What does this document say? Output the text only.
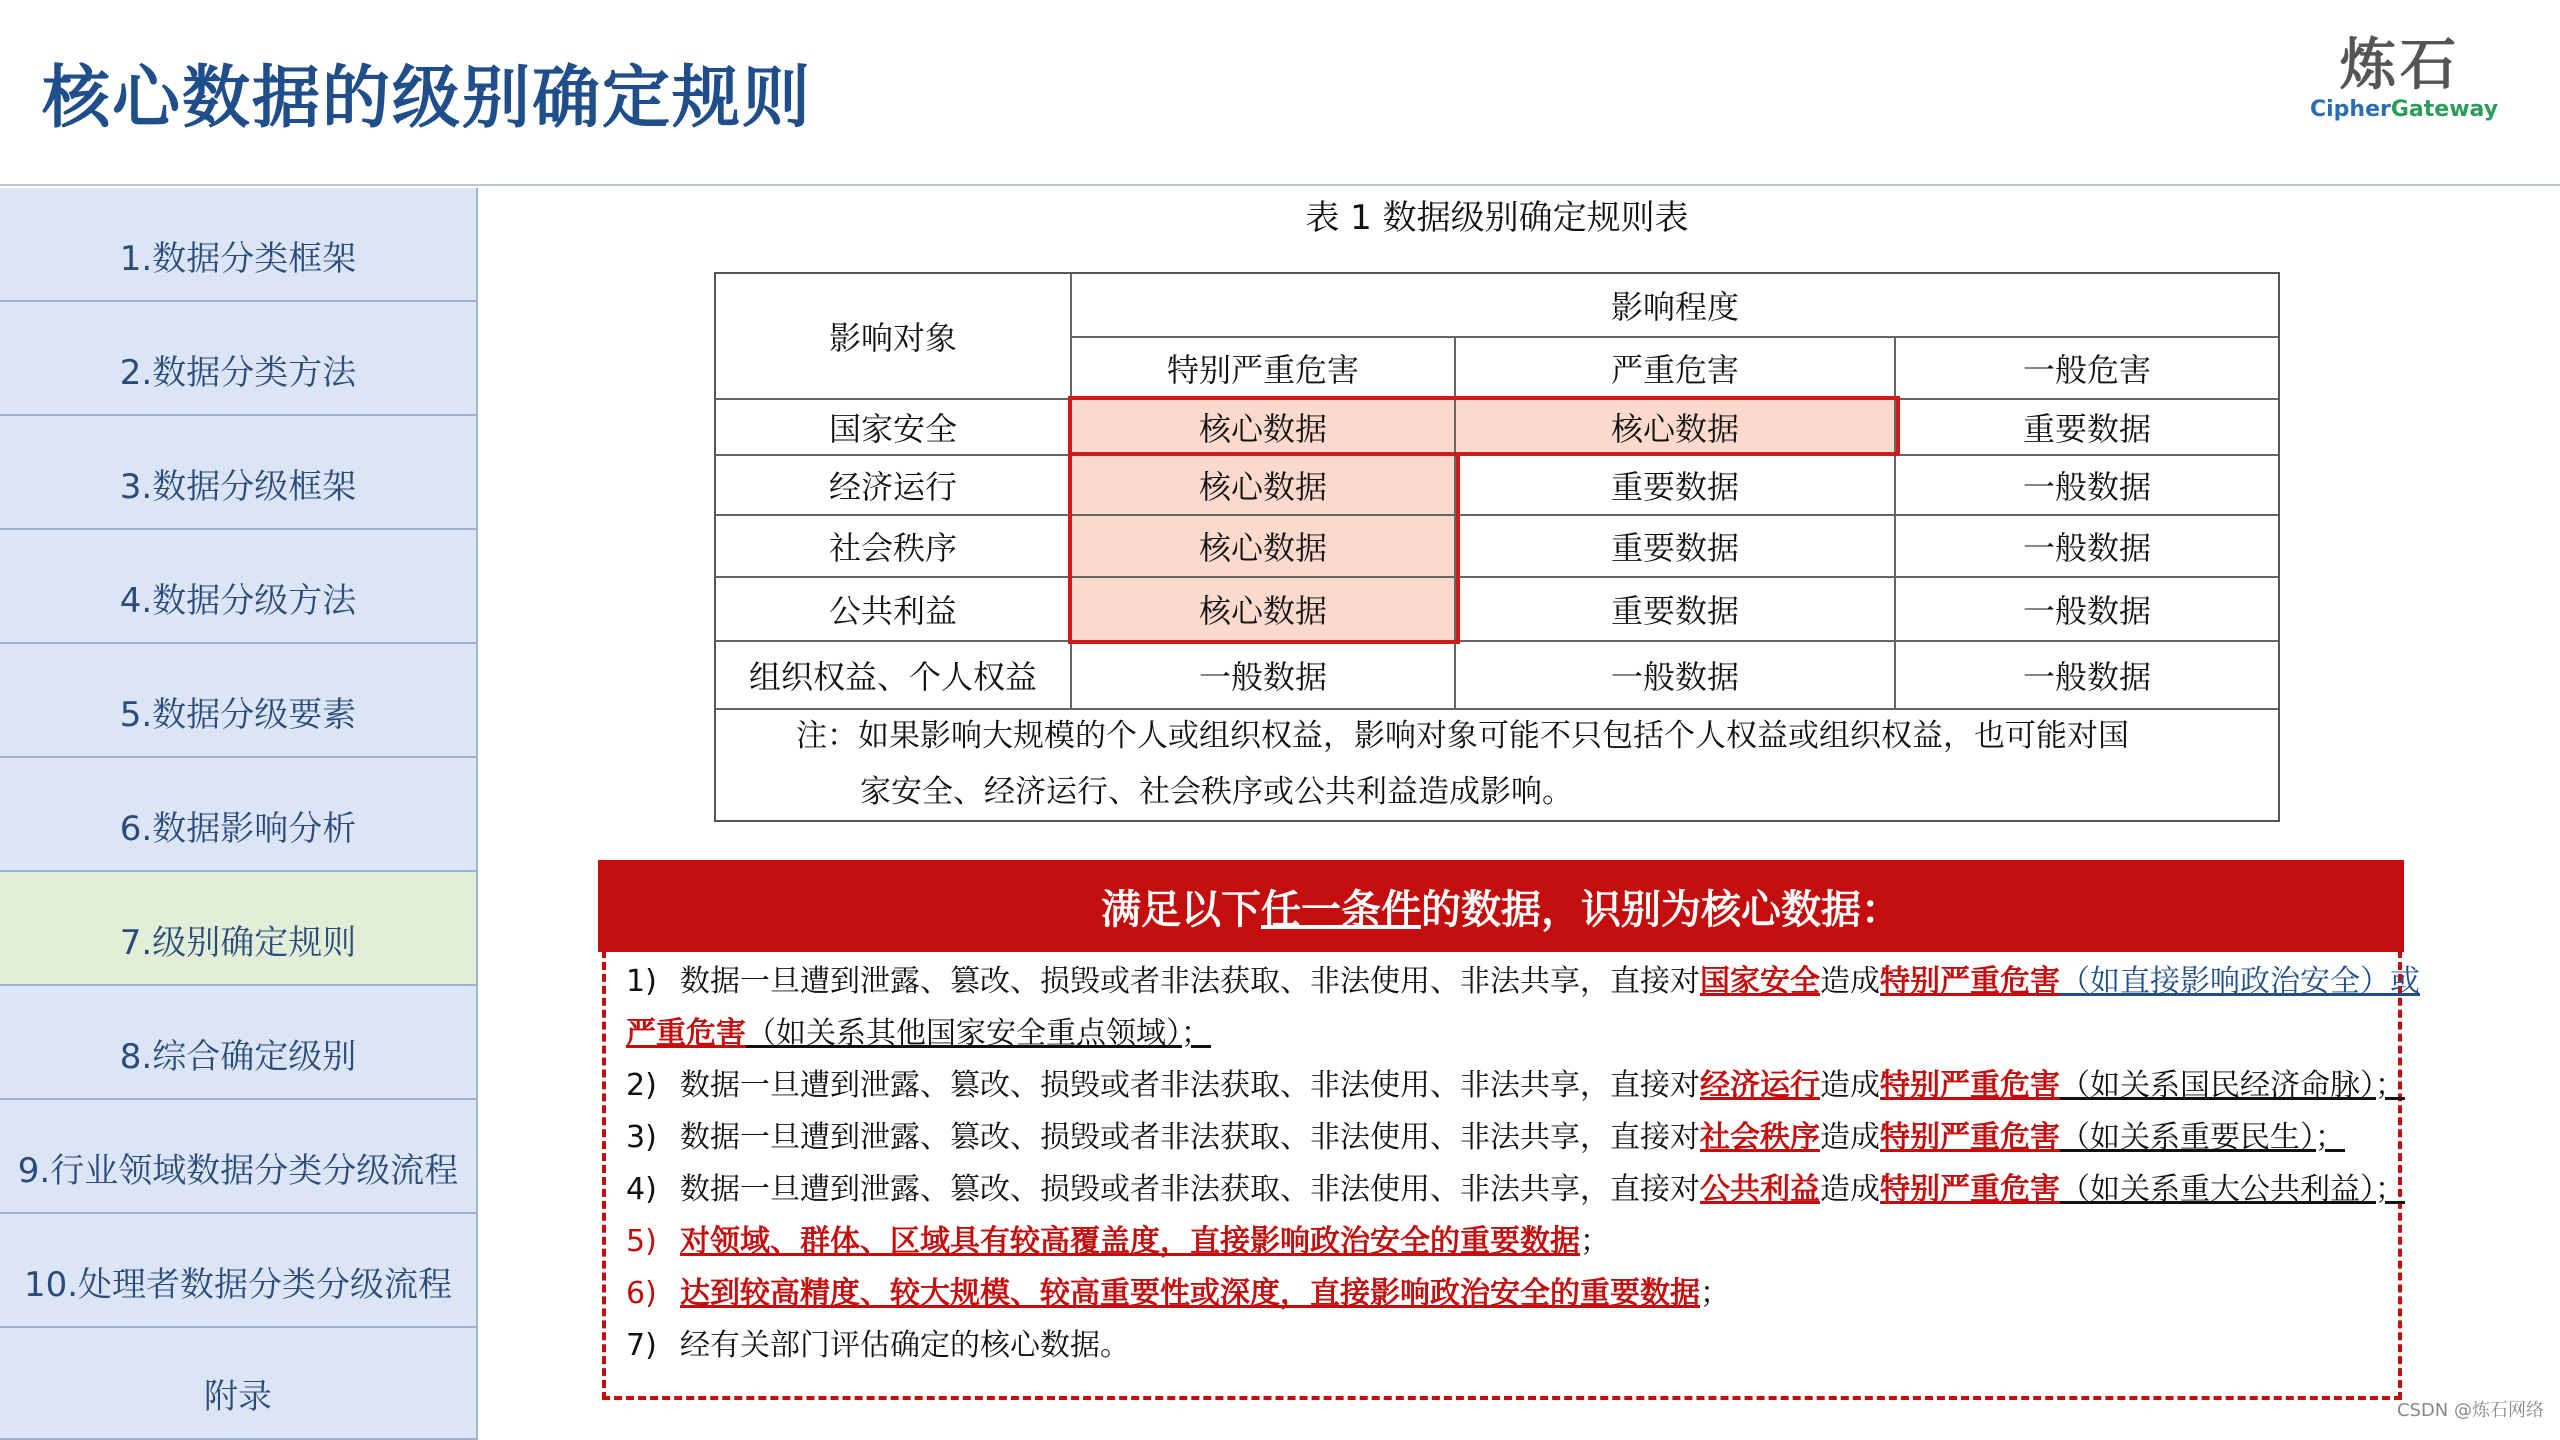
核心数据的级别确定规则	炼石
CipherGateway
1.数据分类框架
2.数据分类方法
3.数据分级框架
4.数据分级方法
5.数据分级要素
6.数据影响分析
7.级别确定规则
8.综合确定级别
9.行业领域数据分类分级流程
10.处理者数据分类分级流程
附录
表 1 数据级别确定规则表
影响对象
影响程度
特别严重危害	严重危害	一般危害
国家安全	核心数据	核心数据	重要数据
经济运行	核心数据	重要数据	一般数据
社会秩序	核心数据	重要数据	一般数据
公共利益	核心数据	重要数据	一般数据
组织权益、个人权益	一般数据	一般数据	一般数据
注：如果影响大规模的个人或组织权益，影响对象可能不只包括个人权益或组织权益，也可能对国
家安全、经济运行、社会秩序或公共利益造成影响。
满足以下 任一条件 的数据，识别为核心数据：
1) 数据一旦遭到泄露、篡改、损毁或者非法获取、非法使用、非法共享，直接对国家安全造成特别严重危害（如直接影响政治安全）或
严重危害（如关系其他国家安全重点领域）；
2) 数据一旦遭到泄露、篡改、损毁或者非法获取、非法使用、非法共享，直接对经济运行造成特别严重危害（如关系国民经济命脉）；
3) 数据一旦遭到泄露、篡改、损毁或者非法获取、非法使用、非法共享，直接对社会秩序造成特别严重危害（如关系重要民生）；
4) 数据一旦遭到泄露、篡改、损毁或者非法获取、非法使用、非法共享，直接对公共利益造成特别严重危害（如关系重大公共利益）；
5) 对领域、群体、区域具有较高覆盖度，直接影响政治安全的重要数据；
6) 达到较高精度、较大规模、较高重要性或深度，直接影响政治安全的重要数据；
7) 经有关部门评估确定的核心数据。
CSDN @炼石网络
